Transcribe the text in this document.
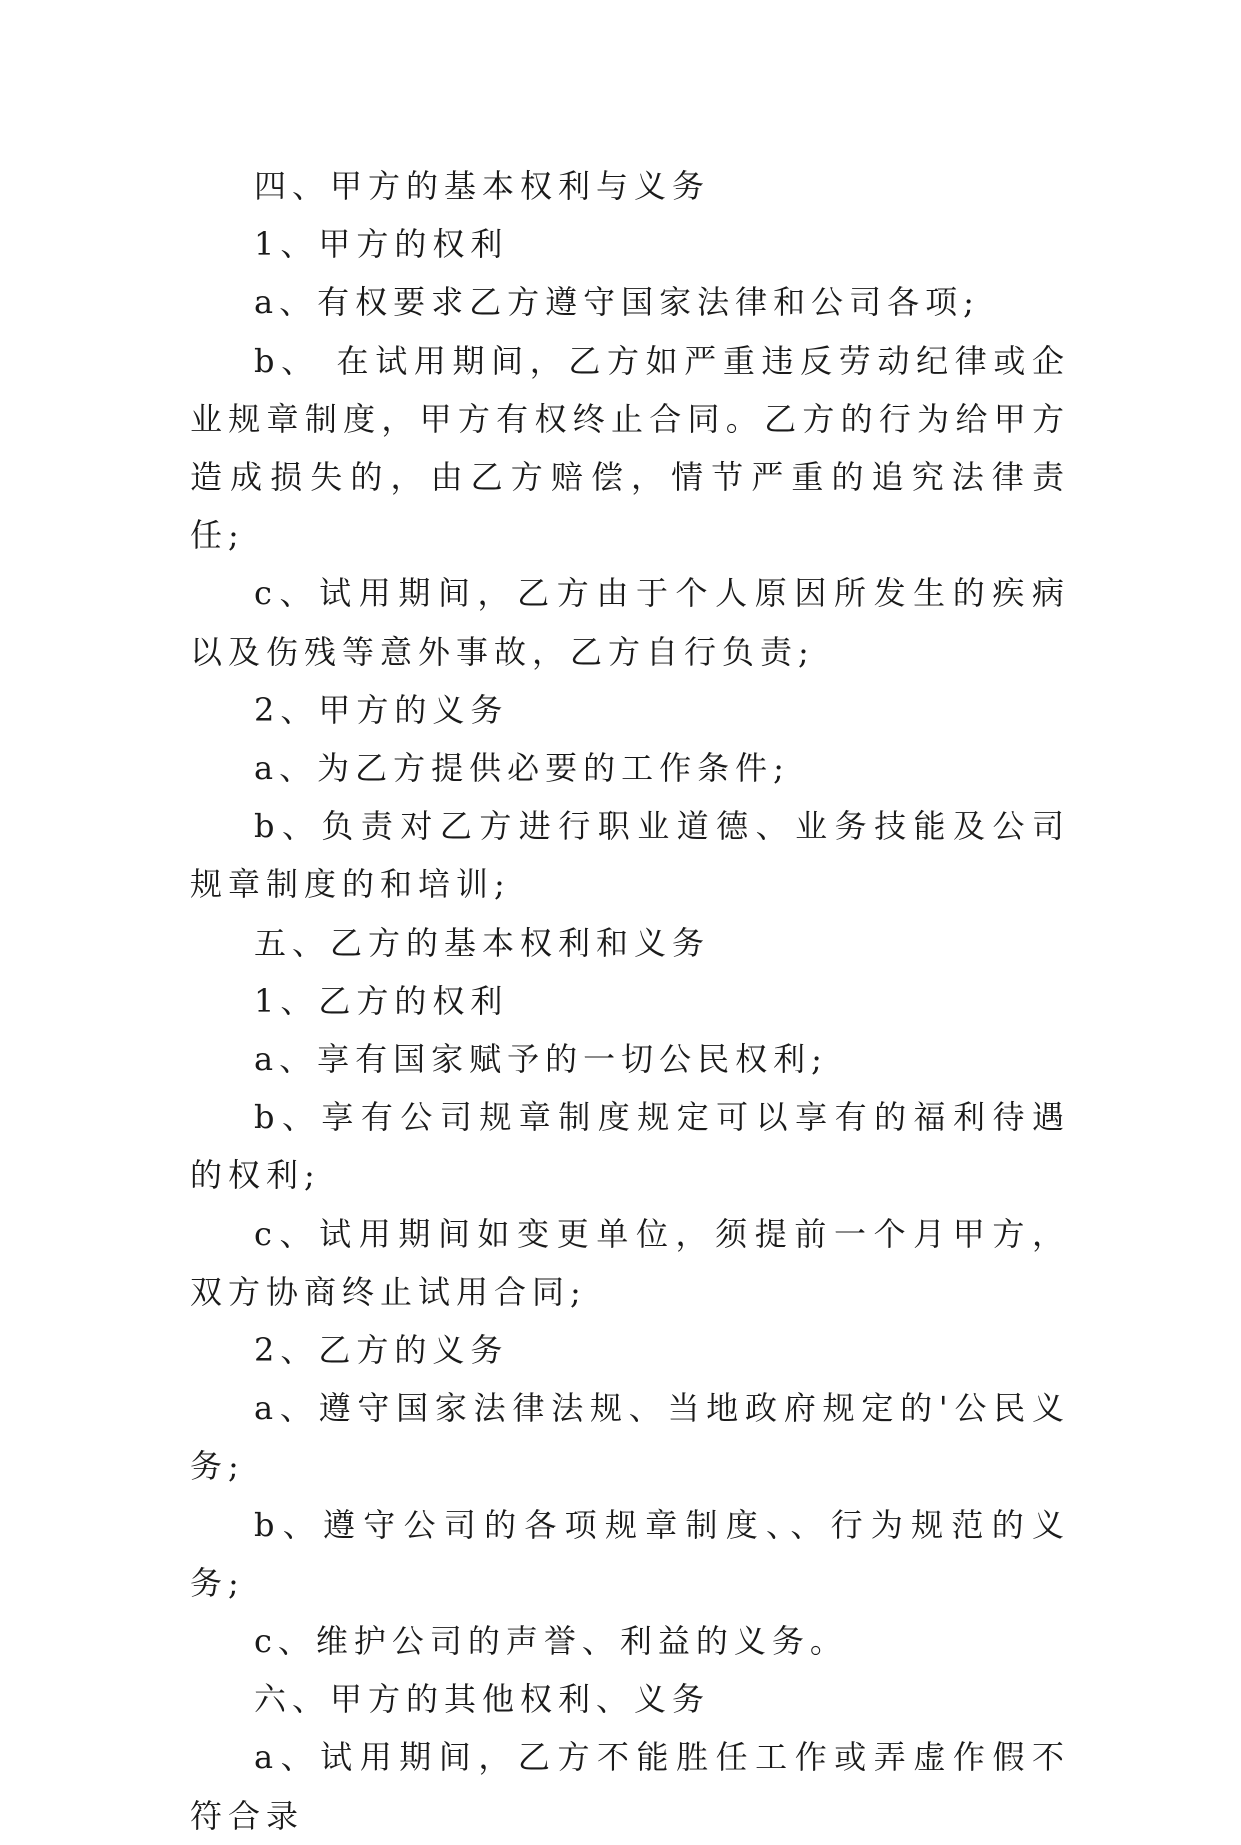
四、甲方的基本权利与义务

1、甲方的权利

a、有权要求乙方遵守国家法律和公司各项;

b、 在试用期间，乙方如严重违反劳动纪律或企业规章制度，甲方有权终止合同。乙方的行为给甲方造成损失的，由乙方赔偿，情节严重的追究法律责任;

c、试用期间，乙方由于个人原因所发生的疾病以及伤残等意外事故，乙方自行负责;

2、甲方的义务

a、为乙方提供必要的工作条件;

b、负责对乙方进行职业道德、业务技能及公司规章制度的和培训;

五、乙方的基本权利和义务

1、乙方的权利

a、享有国家赋予的一切公民权利;

b、享有公司规章制度规定可以享有的福利待遇的权利;

c、试用期间如变更单位，须提前一个月甲方，双方协商终止试用合同;

2、乙方的义务

a、遵守国家法律法规、当地政府规定的'公民义务;

b、遵守公司的各项规章制度、、行为规范的义务;

c、维护公司的声誉、利益的义务。

六、甲方的其他权利、义务

a、试用期间，乙方不能胜任工作或弄虚作假不符合录
